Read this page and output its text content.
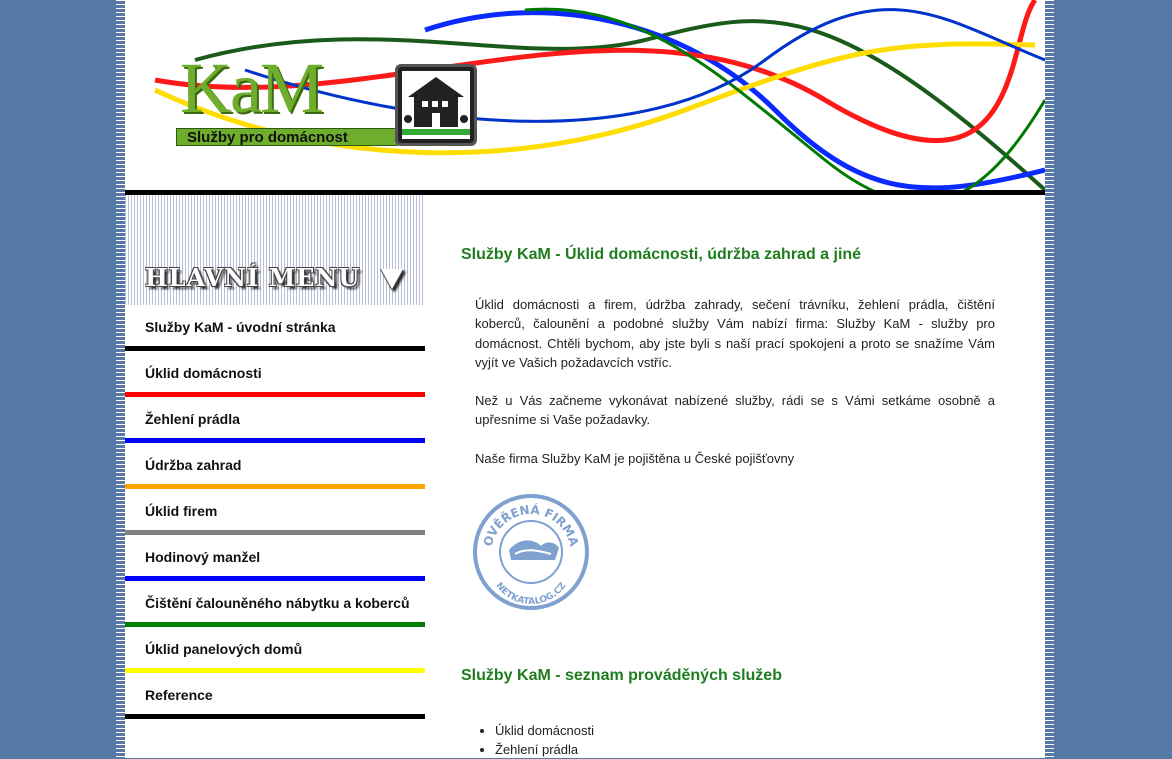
KaM
Služby pro domácnost
HLAVNÍ MENU
Služby KaM - úvodní stránka
Úklid domácnosti
Žehlení prádla
Údržba zahrad
Úklid firem
Hodinový manžel
Čištění čalouněného nábytku a koberců
Úklid panelových domů
Reference
Služby KaM - Úklid domácnosti, údržba zahrad a jiné

Úklid domácnosti a firem, údržba zahrady, sečení trávníku, žehlení prádla, čištění koberců, čalounění a podobné služby Vám nabízí firma: Služby KaM - služby pro domácnost. Chtěli bychom, aby jste byli s naší prací spokojeni a proto se snažíme Vám vyjít ve Vašich požadavcích vstříc.

Než u Vás začneme vykonávat nabízené služby, rádi se s Vámi setkáme osobně a upřesníme si Vaše požadavky.

Naše firma Služby KaM je pojištěna u České pojišťovny

OVĚŘENÁ FIRMA
NETKATALOG.CZ
Služby KaM - seznam prováděných služeb
• Úklid domácnosti
• Žehlení prádla
